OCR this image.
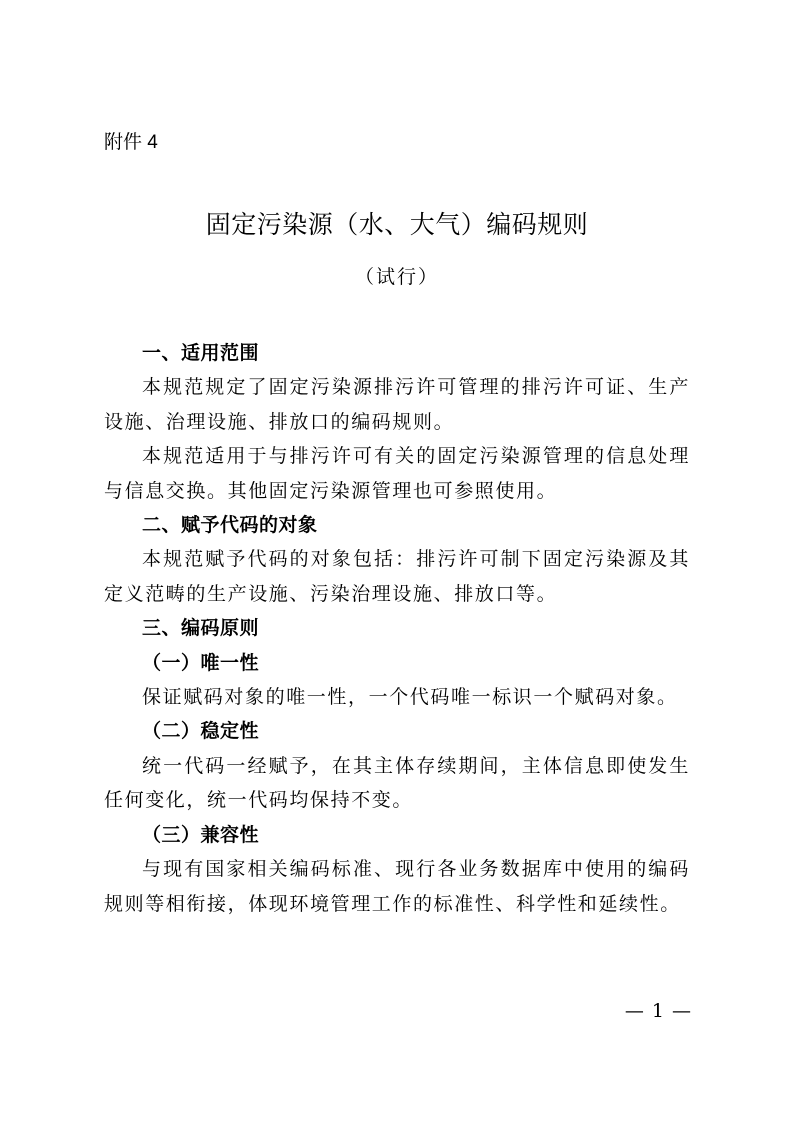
附件 4
固定污染源（水、大气）编码规则
（试行）

一、适用范围

本规范规定了固定污染源排污许可管理的排污许可证、生产设施、治理设施、排放口的编码规则。

本规范适用于与排污许可有关的固定污染源管理的信息处理与信息交换。其他固定污染源管理也可参照使用。

二、赋予代码的对象

本规范赋予代码的对象包括：排污许可制下固定污染源及其定义范畴的生产设施、污染治理设施、排放口等。

三、编码原则

（一）唯一性

保证赋码对象的唯一性，一个代码唯一标识一个赋码对象。

（二）稳定性

统一代码一经赋予，在其主体存续期间，主体信息即使发生任何变化，统一代码均保持不变。

（三）兼容性

与现有国家相关编码标准、现行各业务数据库中使用的编码规则等相衔接，体现环境管理工作的标准性、科学性和延续性。

— 1 —
